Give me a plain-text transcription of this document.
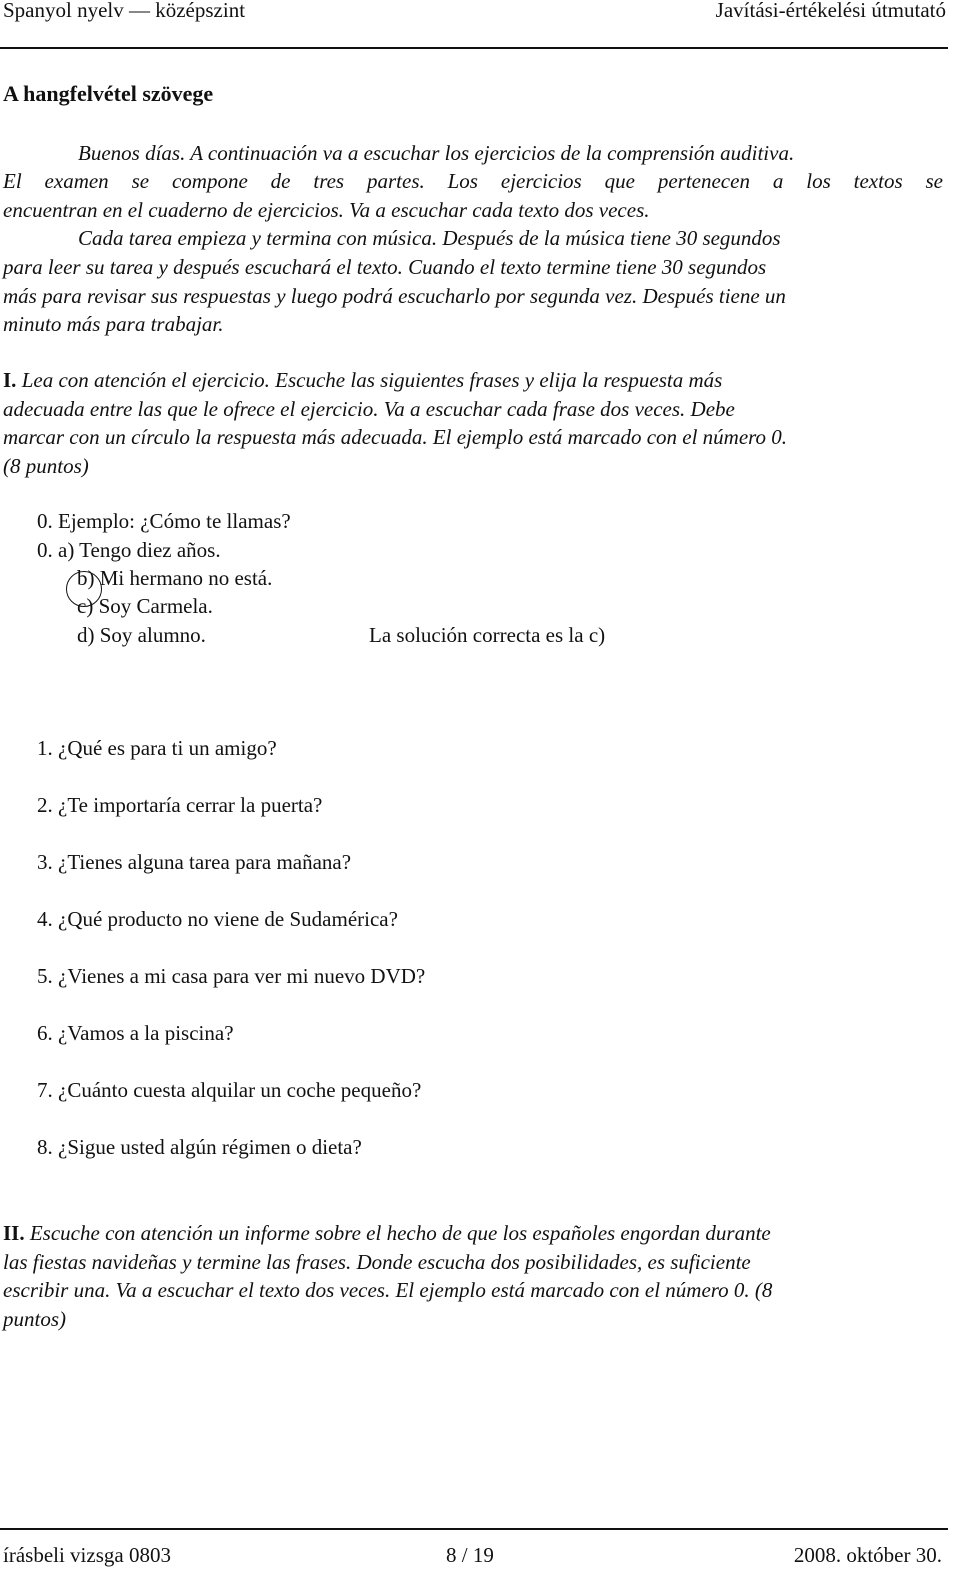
Spanyol nyelv — középszint	Javítási-értékelési útmutató
A hangfelvétel szövege
Buenos días. A continuación va a escuchar los ejercicios de la comprensión auditiva.
El examen se compone de tres partes. Los ejercicios que pertenecen a los textos se
encuentran en el cuaderno de ejercicios. Va a escuchar cada texto dos veces.
Cada tarea empieza y termina con música. Después de la música tiene 30 segundos
para leer su tarea y después escuchará el texto. Cuando el texto termine tiene 30 segundos
más para revisar sus respuestas y luego podrá escucharlo por segunda vez. Después tiene un
minuto más para trabajar.
I. Lea con atención el ejercicio. Escuche las siguientes frases y elija la respuesta más
adecuada entre las que le ofrece el ejercicio. Va a escuchar cada frase dos veces. Debe
marcar con un círculo la respuesta más adecuada. El ejemplo está marcado con el número 0.
(8 puntos)
0. Ejemplo: ¿Cómo te llamas?
0. a) Tengo diez años.
b) Mi hermano no está.
c) Soy Carmela.
d) Soy alumno.	La solución correcta es la c)
1. ¿Qué es para ti un amigo?
2. ¿Te importaría cerrar la puerta?
3. ¿Tienes alguna tarea para mañana?
4. ¿Qué producto no viene de Sudamérica?
5. ¿Vienes a mi casa para ver mi nuevo DVD?
6. ¿Vamos a la piscina?
7. ¿Cuánto cuesta alquilar un coche pequeño?
8. ¿Sigue usted algún régimen o dieta?
II. Escuche con atención un informe sobre el hecho de que los españoles engordan durante
las fiestas navideñas y termine las frases. Donde escucha dos posibilidades, es suficiente
escribir una. Va a escuchar el texto dos veces. El ejemplo está marcado con el número 0. (8
puntos)
írásbeli vizsga 0803	8 / 19	2008. október 30.
